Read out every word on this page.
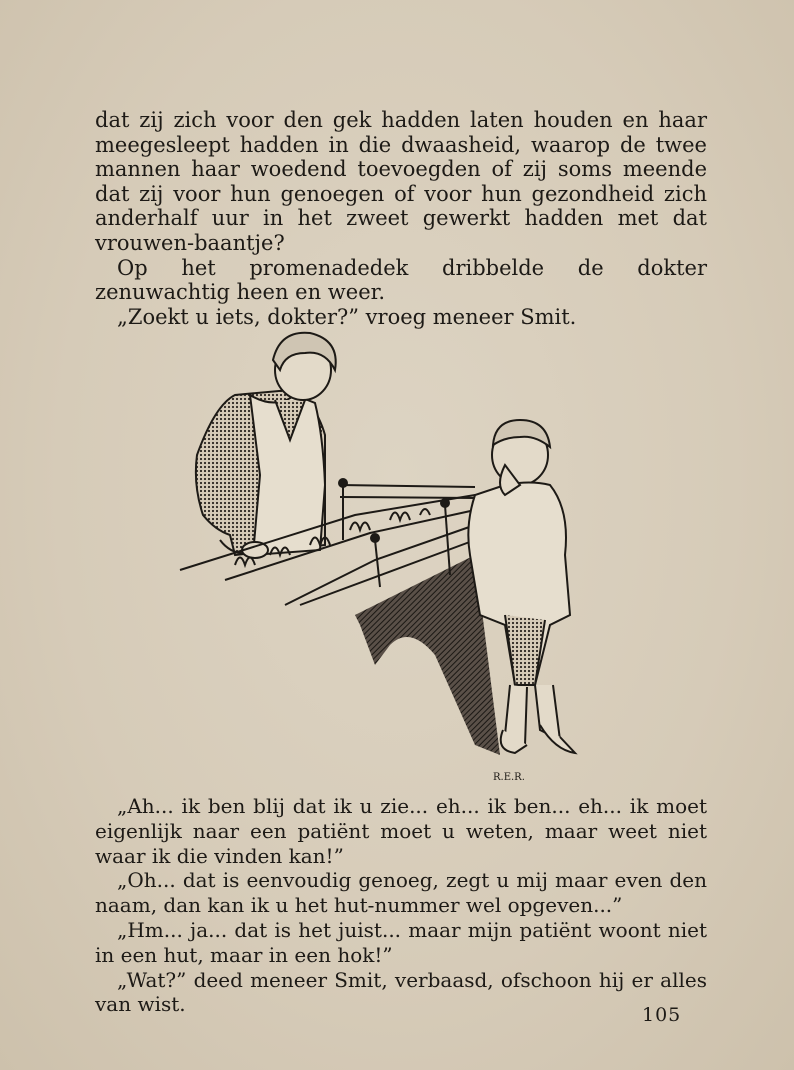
dat zij zich voor den gek hadden laten houden en haar meegesleept hadden in die dwaasheid, waarop de twee mannen haar woedend toevoegden of zij soms meende dat zij voor hun genoegen of voor hun gezondheid zich anderhalf uur in het zweet gewerkt hadden met dat vrouwen-baantje?

Op het promenadedek dribbelde de dokter zenuwachtig heen en weer.

„Zoekt u iets, dokter?” vroeg meneer Smit.

R.E.R.

„Ah... ik ben blij dat ik u zie... eh... ik ben... eh... ik moet eigenlijk naar een patiënt moet u weten, maar weet niet waar ik die vinden kan!”

„Oh... dat is eenvoudig genoeg, zegt u mij maar even den naam, dan kan ik u het hut-nummer wel opgeven...”

„Hm... ja... dat is het juist... maar mijn patiënt woont niet in een hut, maar in een hok!”

„Wat?” deed meneer Smit, verbaasd, ofschoon hij er alles van wist.	105
